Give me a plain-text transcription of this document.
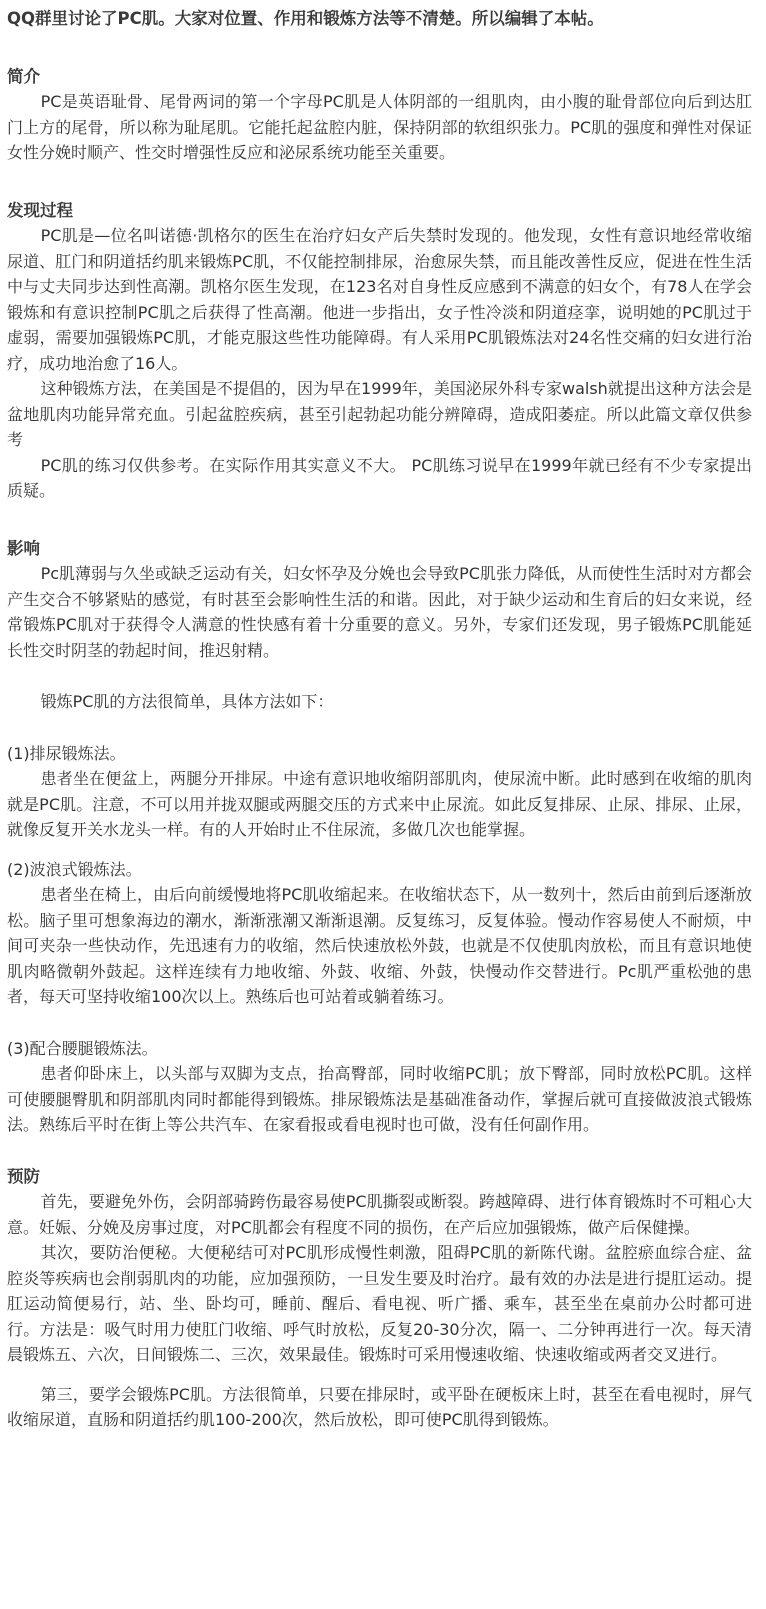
QQ群里讨论了PC肌。大家对位置、作用和锻炼方法等不清楚。所以编辑了本帖。

简介

PC是英语耻骨、尾骨两词的第一个字母PC肌是人体阴部的一组肌肉，由小腹的耻骨部位向后到达肛门上方的尾骨，所以称为耻尾肌。它能托起盆腔内脏，保持阴部的软组织张力。PC肌的强度和弹性对保证女性分娩时顺产、性交时增强性反应和泌尿系统功能至关重要。

发现过程

PC肌是—位名叫诺德·凯格尔的医生在治疗妇女产后失禁时发现的。他发现，女性有意识地经常收缩尿道、肛门和阴道括约肌来锻炼PC肌，不仅能控制排尿，治愈尿失禁，而且能改善性反应，促进在性生活中与丈夫同步达到性高潮。凯格尔医生发现，在123名对自身性反应感到不满意的妇女个，有78人在学会锻炼和有意识控制PC肌之后获得了性高潮。他进一步指出，女子性冷淡和阴道痉挛，说明她的PC肌过于虚弱，需要加强锻炼PC肌，才能克服这些性功能障碍。有人采用PC肌锻炼法对24名性交痛的妇女进行治疗，成功地治愈了16人。

这种锻炼方法，在美国是不提倡的，因为早在1999年，美国泌尿外科专家walsh就提出这种方法会是盆地肌肉功能异常充血。引起盆腔疾病，甚至引起勃起功能分辨障碍，造成阳萎症。所以此篇文章仅供参考

PC肌的练习仅供参考。在实际作用其实意义不大。 PC肌练习说早在1999年就已经有不少专家提出质疑。

影响

Pc肌薄弱与久坐或缺乏运动有关，妇女怀孕及分娩也会导致PC肌张力降低，从而使性生活时对方都会产生交合不够紧贴的感觉，有时甚至会影响性生活的和谐。因此，对于缺少运动和生育后的妇女来说，经常锻炼PC肌对于获得令人满意的性快感有着十分重要的意义。另外，专家们还发现，男子锻炼PC肌能延长性交时阴茎的勃起时间，推迟射精。

锻炼PC肌的方法很简单，具体方法如下：

(1)排尿锻炼法。

患者坐在便盆上，两腿分开排尿。中途有意识地收缩阴部肌肉，使尿流中断。此时感到在收缩的肌肉就是PC肌。注意，不可以用并拢双腿或两腿交压的方式来中止尿流。如此反复排尿、止尿、排尿、止尿，就像反复开关水龙头一样。有的人开始时止不住尿流，多做几次也能掌握。

(2)波浪式锻炼法。

患者坐在椅上，由后向前缓慢地将PC肌收缩起来。在收缩状态下，从一数列十，然后由前到后逐渐放松。脑子里可想象海边的潮水，渐渐涨潮又渐渐退潮。反复练习，反复体验。慢动作容易使人不耐烦，中间可夹杂一些快动作，先迅速有力的收缩，然后快速放松外鼓，也就是不仅使肌肉放松，而且有意识地使肌肉略微朝外鼓起。这样连续有力地收缩、外鼓、收缩、外鼓，快慢动作交替进行。Pc肌严重松弛的患者，每天可坚持收缩100次以上。熟练后也可站着或躺着练习。

(3)配合腰腿锻炼法。

患者仰卧床上，以头部与双脚为支点，抬高臀部，同时收缩PC肌；放下臀部，同时放松PC肌。这样可使腰腿臀肌和阴部肌肉同时都能得到锻炼。排尿锻炼法是基础准备动作，掌握后就可直接做波浪式锻炼法。熟练后平时在街上等公共汽车、在家看报或看电视时也可做，没有任何副作用。

预防

首先，要避免外伤，会阴部骑跨伤最容易使PC肌撕裂或断裂。跨越障碍、进行体育锻炼时不可粗心大意。妊娠、分娩及房事过度，对PC肌都会有程度不同的损伤，在产后应加强锻炼，做产后保健操。

其次，要防治便秘。大便秘结可对PC肌形成慢性刺激，阻碍PC肌的新陈代谢。盆腔瘀血综合症、盆腔炎等疾病也会削弱肌肉的功能，应加强预防，一旦发生要及时治疗。最有效的办法是进行提肛运动。提肛运动简便易行，站、坐、卧均可，睡前、醒后、看电视、听广播、乘车，甚至坐在桌前办公时都可进行。方法是：吸气时用力使肛门收缩、呼气时放松，反复20-30分次，隔一、二分钟再进行一次。每天清晨锻炼五、六次，日间锻炼二、三次，效果最佳。锻炼时可采用慢速收缩、快速收缩或两者交叉进行。

第三，要学会锻炼PC肌。方法很简单，只要在排尿时，或平卧在硬板床上时，甚至在看电视时，屏气收缩尿道，直肠和阴道括约肌100-200次，然后放松，即可使PC肌得到锻炼。
